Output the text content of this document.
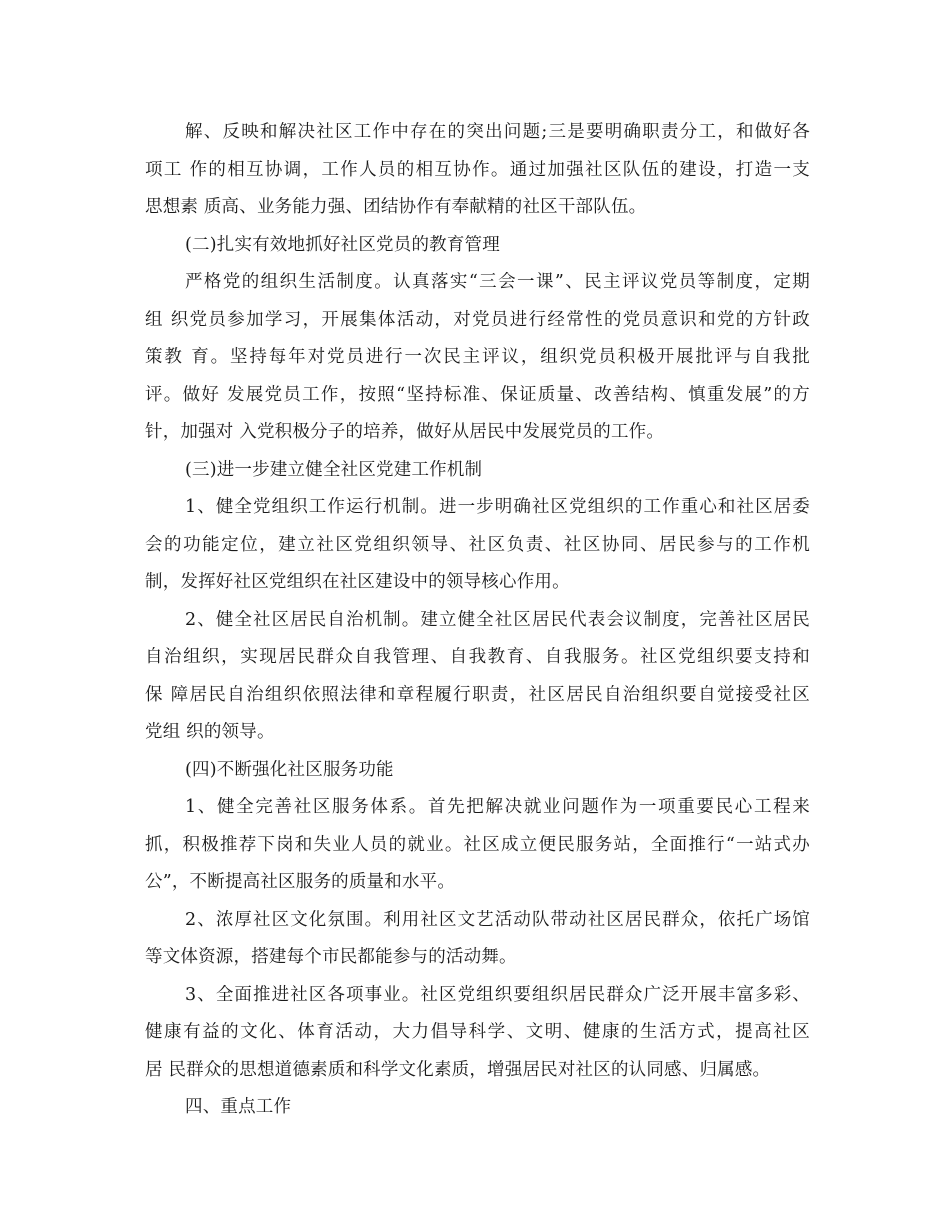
解、反映和解决社区工作中存在的突出问题;三是要明确职责分工，和做好各
项工 作的相互协调，工作人员的相互协作。通过加强社区队伍的建设，打造一支
思想素 质高、业务能力强、团结协作有奉献精的社区干部队伍。
(二)扎实有效地抓好社区党员的教育管理
严格党的组织生活制度。认真落实“三会一课”、民主评议党员等制度，定期
组 织党员参加学习，开展集体活动，对党员进行经常性的党员意识和党的方针政
策教 育。坚持每年对党员进行一次民主评议，组织党员积极开展批评与自我批
评。做好 发展党员工作，按照“坚持标准、保证质量、改善结构、慎重发展”的方
针，加强对 入党积极分子的培养，做好从居民中发展党员的工作。
(三)进一步建立健全社区党建工作机制
1、健全党组织工作运行机制。进一步明确社区党组织的工作重心和社区居委
会的功能定位，建立社区党组织领导、社区负责、社区协同、居民参与的工作机
制，发挥好社区党组织在社区建设中的领导核心作用。
2、健全社区居民自治机制。建立健全社区居民代表会议制度，完善社区居民
自治组织，实现居民群众自我管理、自我教育、自我服务。社区党组织要支持和
保 障居民自治组织依照法律和章程履行职责，社区居民自治组织要自觉接受社区
党组 织的领导。
(四)不断强化社区服务功能
1、健全完善社区服务体系。首先把解决就业问题作为一项重要民心工程来
抓，积极推荐下岗和失业人员的就业。社区成立便民服务站，全面推行“一站式办
公”，不断提高社区服务的质量和水平。
2、浓厚社区文化氛围。利用社区文艺活动队带动社区居民群众，依托广场馆
等文体资源，搭建每个市民都能参与的活动舞。
3、全面推进社区各项事业。社区党组织要组织居民群众广泛开展丰富多彩、
健康有益的文化、体育活动，大力倡导科学、文明、健康的生活方式，提高社区
居 民群众的思想道德素质和科学文化素质，增强居民对社区的认同感、归属感。
四、重点工作
